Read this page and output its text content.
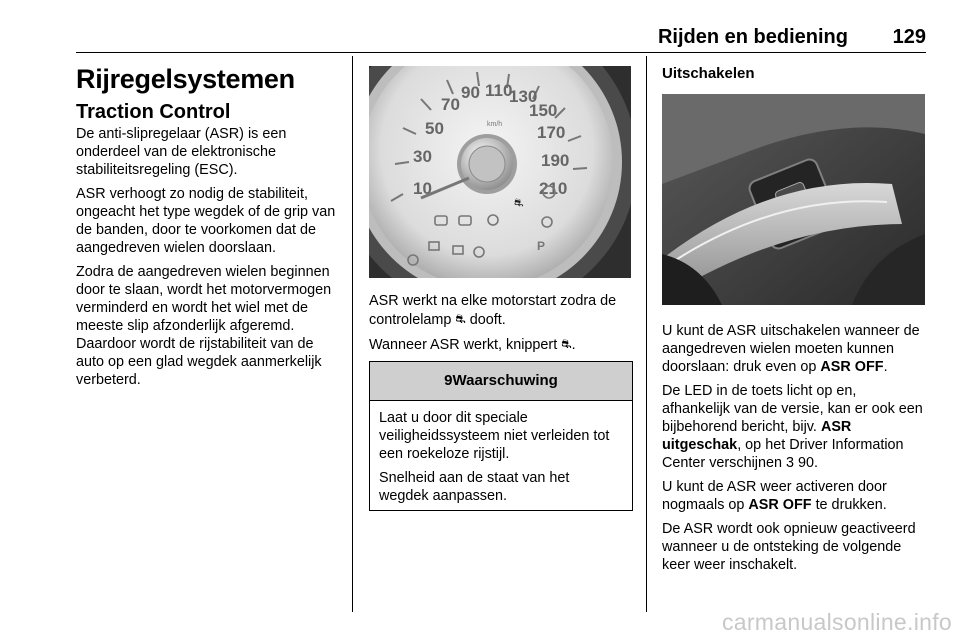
Rijden en bediening 129
Rijregelsystemen
Traction Control

De anti-slipregelaar (ASR) is een onderdeel van de elektronische stabiliteitsregeling (ESC).

ASR verhoogt zo nodig de stabiliteit, ongeacht het type wegdek of de grip van de banden, door te voorkomen dat de aangedreven wielen doorslaan.

Zodra de aangedreven wielen beginnen door te slaan, wordt het motorvermogen verminderd en wordt het wiel met de meeste slip afzonderlijk afgeremd. Daardoor wordt de rijstabiliteit van de auto op een glad wegdek aanmerkelijk verbeterd.

10
30
50
70
90 110
130
150
170
190
210
km/h
⛐
P

ASR werkt na elke motorstart zodra de controlelamp ⛐ dooft.

Wanneer ASR werkt, knippert ⛐.

9Waarschuwing

Laat u door dit speciale veiligheidssysteem niet verleiden tot een roekeloze rijstijl.

Snelheid aan de staat van het wegdek aanpassen.

Uitschakelen

U kunt de ASR uitschakelen wanneer de aangedreven wielen moeten kunnen doorslaan: druk even op ASR OFF.

De LED in de toets licht op en, afhankelijk van de versie, kan er ook een bijbehorend bericht, bijv. ASR uitgeschak, op het Driver Information Center verschijnen 3 90.

U kunt de ASR weer activeren door nogmaals op ASR OFF te drukken.

De ASR wordt ook opnieuw geactiveerd wanneer u de ontsteking de volgende keer weer inschakelt.

carmanualsonline.info
